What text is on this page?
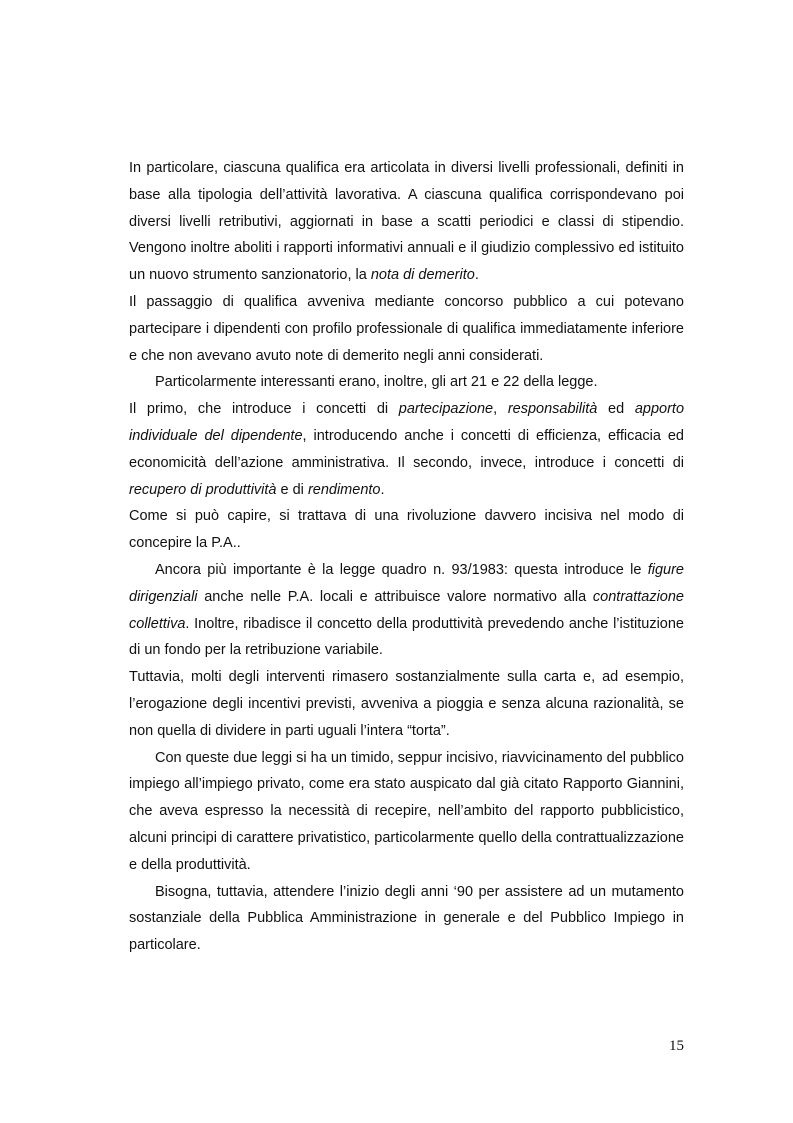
In particolare, ciascuna qualifica era articolata in diversi livelli professionali, definiti in base alla tipologia dell’attività lavorativa. A ciascuna qualifica corrispondevano poi diversi livelli retributivi, aggiornati in base a scatti periodici e classi di stipendio. Vengono inoltre aboliti i rapporti informativi annuali e il giudizio complessivo ed istituito un nuovo strumento sanzionatorio, la nota di demerito.

Il passaggio di qualifica avveniva mediante concorso pubblico a cui potevano partecipare i dipendenti con profilo professionale di qualifica immediatamente inferiore e che non avevano avuto note di demerito negli anni considerati.

Particolarmente interessanti erano, inoltre, gli art 21 e 22 della legge.

Il primo, che introduce i concetti di partecipazione, responsabilità ed apporto individuale del dipendente, introducendo anche i concetti di efficienza, efficacia ed economicità dell’azione amministrativa. Il secondo, invece, introduce i concetti di recupero di produttività e di rendimento.

Come si può capire, si trattava di una rivoluzione davvero incisiva nel modo di concepire la P.A..

Ancora più importante è la legge quadro n. 93/1983: questa introduce le figure dirigenziali anche nelle P.A. locali e attribuisce valore normativo alla contrattazione collettiva. Inoltre, ribadisce il concetto della produttività prevedendo anche l’istituzione di un fondo per la retribuzione variabile.

Tuttavia, molti degli interventi rimasero sostanzialmente sulla carta e, ad esempio, l’erogazione degli incentivi previsti, avveniva a pioggia e senza alcuna razionalità, se non quella di dividere in parti uguali l’intera “torta”.

Con queste due leggi si ha un timido, seppur incisivo, riavvicinamento del pubblico impiego all’impiego privato, come era stato auspicato dal già citato Rapporto Giannini, che aveva espresso la necessità di recepire, nell’ambito del rapporto pubblicistico, alcuni principi di carattere privatistico, particolarmente quello della contrattualizzazione e della produttività.

Bisogna, tuttavia, attendere l’inizio degli anni ‘90 per assistere ad un mutamento sostanziale della Pubblica Amministrazione in generale e del Pubblico Impiego in particolare.

15
